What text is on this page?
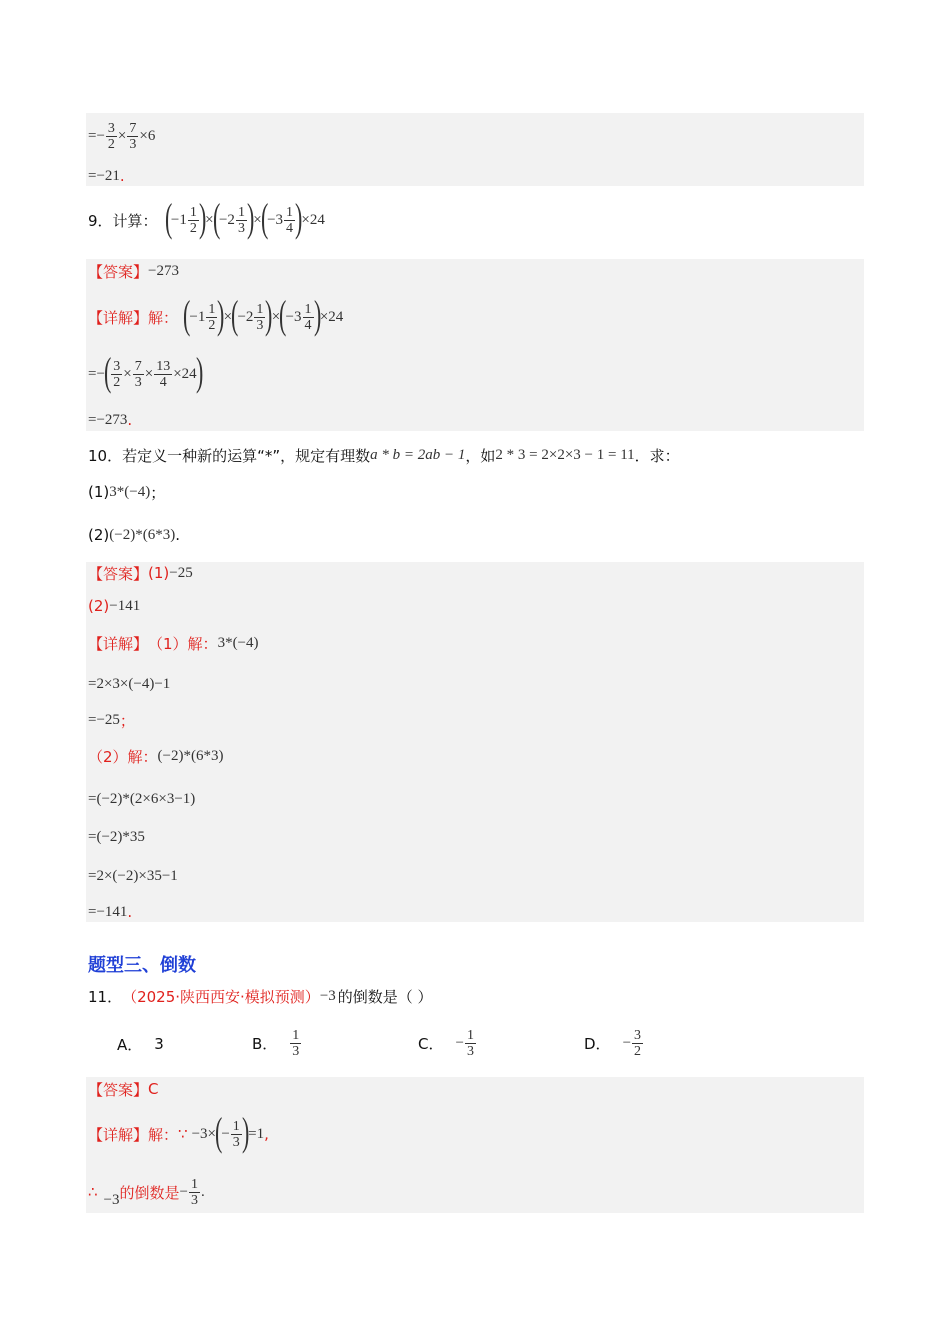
=− $\frac{3}{2} \times \frac{7}{3} \times 6$
=−21 .
9．计算： (
$-1 \frac{1}{2}$ )
×
(
$-2 \frac{1}{3}$ )
×
(
$-3 \frac{1}{4}$ )
×24
【答案】 −273
【详解】 解： (
$-1 \frac{1}{2}$ )
×
(
$-2 \frac{1}{3}$ )
×
(
$-3 \frac{1}{4}$ )
×24
=−
( $\frac{3}{2} \times \frac{7}{3} \times \frac{13}{4} \times 24$
)
=−273 .
10．若定义一种新的运算“*”，规定有理数 a * b = 2ab − 1 ，如 2 * 3 = 2×2×3 − 1 = 11 ．求：
(1) 3*(−4) ；
(2) (−2)*(6*3) .
【答案】 (1) −25
(2) −141
【详解】 （1）解： 3*(−4)
=2×3×(−4)−1
=−25 ；
（2）解： (−2)*(6*3)
=(−2)*(2×6×3−1)
=(−2)*35
=2×(−2)×35−1
=−141 .
题型三、倒数
11． （2025·陕西西安·模拟预测） −3 的倒数是（ ）
A． 3	B． $\frac{1}{3}$	C． − $\frac{1}{3}$	D． − $\frac{3}{2}$
【答案】 C
【详解】 解： ∵ −3×
(
− $\frac{1}{3}$ )
=1 ,
∴ −3 的倒数是 − $\frac{1}{3}$ .
